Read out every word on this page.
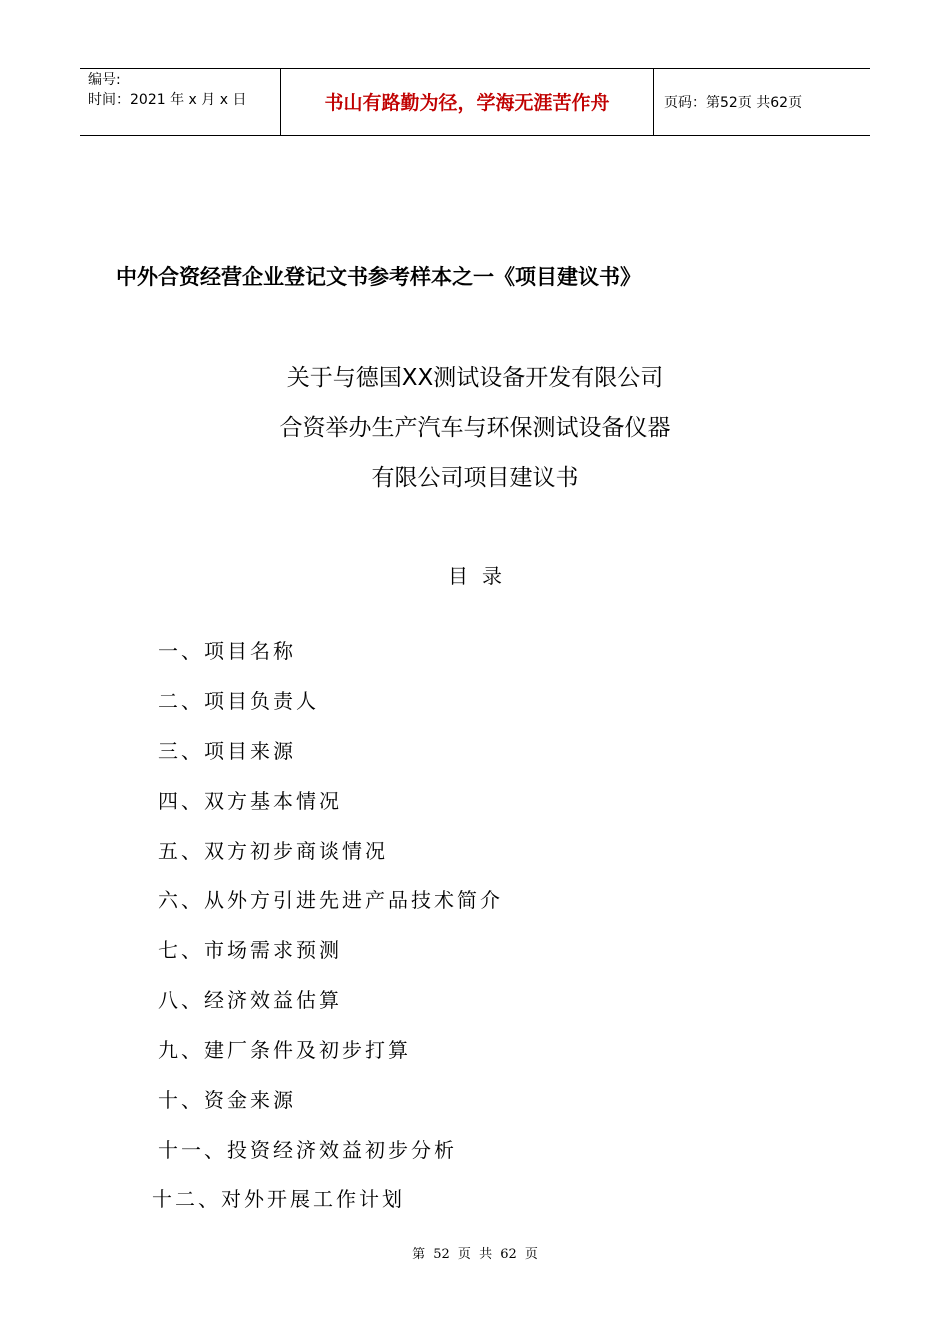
编号:
时间：2021 年 x 月 x 日	书山有路勤为径，学海无涯苦作舟	页码：第52页 共62页
中外合资经营企业登记文书参考样本之一《项目建议书》
关于与德国XX测试设备开发有限公司
合资举办生产汽车与环保测试设备仪器
有限公司项目建议书
目录
一、项目名称
二、项目负责人
三、项目来源
四、双方基本情况
五、双方初步商谈情况
六、从外方引进先进产品技术简介
七、市场需求预测
八、经济效益估算
九、建厂条件及初步打算
十、资金来源
十一、投资经济效益初步分析
十二、对外开展工作计划
第 52 页 共 62 页
